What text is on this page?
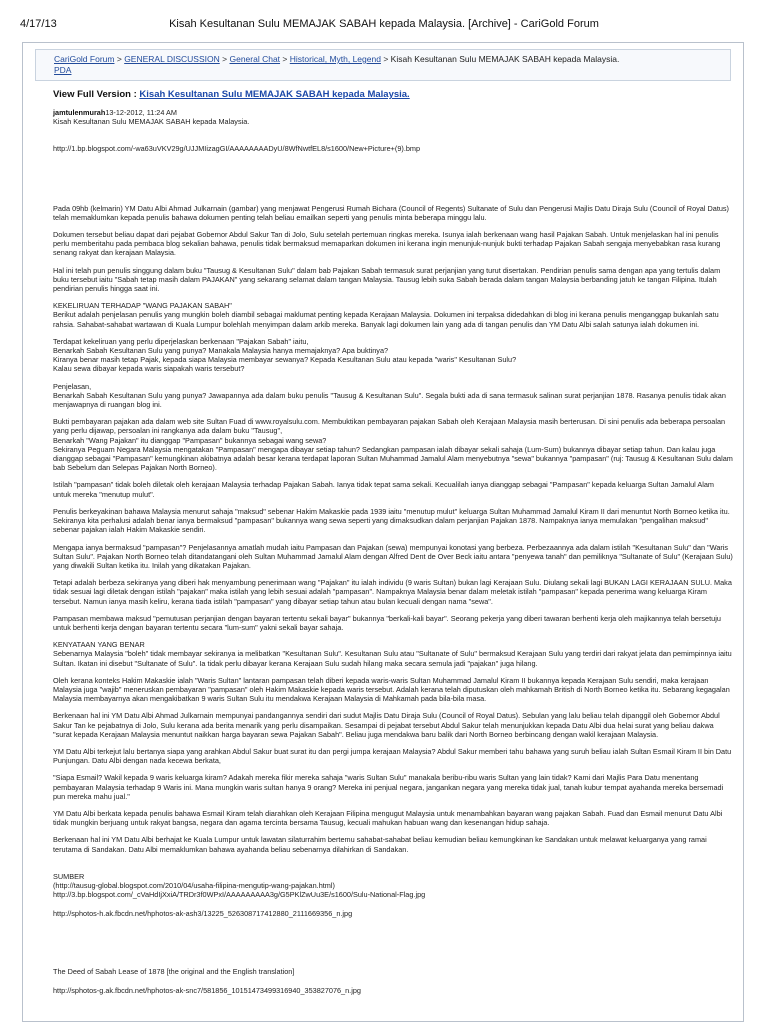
Kisah Kesultanan Sulu MEMAJAK SABAH kepada Malaysia. [Archive] - CariGold Forum
4/17/13
CariGold Forum > GENERAL DISCUSSION > General Chat > Historical, Myth, Legend > Kisah Kesultanan Sulu MEMAJAK SABAH kepada Malaysia.
PDA
View Full Version : Kisah Kesultanan Sulu MEMAJAK SABAH kepada Malaysia.
jamtulenmurah13-12-2012, 11:24 AM
Kisah Kesultanan Sulu MEMAJAK SABAH kepada Malaysia.

http://1.bp.blogspot.com/-wa63uVKV29g/UJJMIizagGI/AAAAAAAADyU/8WfNwtfEL8/s1600/New+Picture+(9).bmp

Pada 09hb (kelmarin) YM Datu Albi Ahmad Julkarnain (gambar) yang menjawat Pengerusi Rumah Bichara (Council of Regents) Sultanate of Sulu dan Pengerusi Majlis Datu Diraja Sulu (Council of Royal Datus) telah memaklumkan kepada penulis bahawa dokumen penting telah beliau emailkan seperti yang penulis minta beberapa minggu lalu.

Dokumen tersebut beliau dapat dari pejabat Gobernor Abdul Sakur Tan di Jolo, Sulu setelah pertemuan ringkas mereka. Isunya ialah berkenaan wang hasil Pajakan Sabah. Untuk menjelaskan hal ini penulis perlu memberitahu pada pembaca blog sekalian bahawa, penulis tidak bermaksud memaparkan dokumen ini kerana ingin menunjuk-nunjuk bukti terhadap Pajakan Sabah sengaja menyebabkan rasa kurang senang rakyat dan kerajaan Malaysia.

Hal ini telah pun penulis singgung dalam buku "Tausug & Kesultanan Sulu" dalam bab Pajakan Sabah termasuk surat perjanjian yang turut disertakan. Pendirian penulis sama dengan apa yang tertulis dalam buku tersebut iaitu "Sabah tetap masih dalam PAJAKAN" yang sekarang selamat dalam tangan Malaysia. Tausug lebih suka Sabah berada dalam tangan Malaysia berbanding jatuh ke tangan Filipina. Itulah pendirian penulis hingga saat ini.

KEKELIRUAN TERHADAP "WANG PAJAKAN SABAH"
Berikut adalah penjelasan penulis yang mungkin boleh diambil sebagai maklumat penting kepada Kerajaan Malaysia. Dokumen ini terpaksa didedahkan di blog ini kerana penulis menganggap bukanlah satu rahsia. Sahabat-sahabat wartawan di Kuala Lumpur bolehlah menyimpan dalam arkib mereka. Banyak lagi dokumen lain yang ada di tangan penulis dan YM Datu Albi salah satunya ialah dokumen ini.

Terdapat kekeliruan yang perlu diperjelaskan berkenaan "Pajakan Sabah" iaitu,
Benarkah Sabah Kesultanan Sulu yang punya? Manakala Malaysia hanya memajaknya? Apa buktinya?
Kiranya benar masih tetap Pajak, kepada siapa Malaysia membayar sewanya? Kepada Kesultanan Sulu atau kepada "waris" Kesultanan Sulu?
Kalau sewa dibayar kepada waris siapakah waris tersebut?

Penjelasan,
Benarkah Sabah Kesultanan Sulu yang punya? Jawapannya ada dalam buku penulis "Tausug & Kesultanan Sulu". Segala bukti ada di sana termasuk salinan surat perjanjian 1878. Rasanya penulis tidak akan menjawapnya di ruangan blog ini.

Bukti pembayaran pajakan ada dalam web site Sultan Fuad di www.royalsulu.com. Membuktikan pembayaran pajakan Sabah oleh Kerajaan Malaysia masih berterusan. Di sini penulis ada beberapa persoalan yang perlu dijawap, persoalan ini rangkanya ada dalam buku "Tausug",
Benarkah "Wang Pajakan" itu dianggap "Pampasan" bukannya sebagai wang sewa?
Sekiranya Peguam Negara Malaysia mengatakan "Pampasan" mengapa dibayar setiap tahun? Sedangkan pampasan ialah dibayar sekali sahaja (Lum-Sum) bukannya dibayar setiap tahun. Dan kalau juga dianggap sebagai "Pampasan" kemungkinan akibatnya adalah besar kerana terdapat laporan Sultan Muhammad Jamalul Alam menyebutnya "sewa" bukannya "pampasan" (ruj: Tausug & Kesultanan Sulu dalam bab Sebelum dan Selepas Pajakan North Borneo).

Istilah "pampasan" tidak boleh diletak oleh kerajaan Malaysia terhadap Pajakan Sabah. Ianya tidak tepat sama sekali. Kecualilah ianya dianggap sebagai "Pampasan" kepada keluarga Sultan Jamalul Alam untuk mereka "menutup mulut".

Penulis berkeyakinan bahawa Malaysia menurut sahaja "maksud" sebenar Hakim Makaskie pada 1939 iaitu "menutup mulut" keluarga Sultan Muhammad Jamalul Kiram II dari menuntut North Borneo ketika itu. Sekiranya kita perhalusi adalah benar ianya bermaksud "pampasan" bukannya wang sewa seperti yang dimaksudkan dalam perjanjian Pajakan 1878. Nampaknya ianya memulakan "pengalihan maksud" sebenar pajakan ialah Hakim Makaskie sendiri.

Mengapa ianya bermaksud "pampasan"? Penjelasannya amatlah mudah iaitu Pampasan dan Pajakan (sewa) mempunyai konotasi yang berbeza. Perbezaannya ada dalam istilah "Kesultanan Sulu" dan "Waris Sultan Sulu". Pajakan North Borneo telah ditandatangani oleh Sultan Muhammad Jamalul Alam dengan Alfred Dent de Over Beck iaitu antara "penyewa tanah" dan pemiliknya "Sultanate of Sulu" (Kerajaan Sulu) yang diwakili Sultan ketika itu. Inilah yang dikatakan Pajakan.

Tetapi adalah berbeza sekiranya yang diberi hak menyambung penerimaan wang "Pajakan" itu ialah individu (9 waris Sultan) bukan lagi Kerajaan Sulu. Diulang sekali lagi BUKAN LAGI KERAJAAN SULU. Maka tidak sesuai lagi diletak dengan istilah "pajakan" maka istilah yang lebih sesuai adalah "pampasan". Nampaknya Malaysia benar dalam meletak istilah "pampasan" kepada penerima wang keluarga Kiram tersebut. Namun ianya masih keliru, kerana tiada istilah "pampasan" yang dibayar setiap tahun atau bulan kecuali dengan nama "sewa".

Pampasan membawa maksud "pemutusan perjanjian dengan bayaran tertentu sekali bayar" bukannya "berkali-kali bayar". Seorang pekerja yang diberi tawaran berhenti kerja oleh majikannya telah bersetuju untuk berhenti kerja dengan bayaran tertentu secara "lum-sum" yakni sekali bayar sahaja.

KENYATAAN YANG BENAR
Sebenarnya Malaysia "boleh" tidak membayar sekiranya ia melibatkan "Kesultanan Sulu". Kesultanan Sulu atau "Sultanate of Sulu" bermaksud Kerajaan Sulu yang terdiri dari rakyat jelata dan pemimpinnya iaitu Sultan. Ikatan ini disebut "Sultanate of Sulu". Ia tidak perlu dibayar kerana Kerajaan Sulu sudah hilang maka secara semula jadi "pajakan" juga hilang.

Oleh kerana konteks Hakim Makaskie ialah "Waris Sultan" lantaran pampasan telah diberi kepada waris-waris Sultan Muhammad Jamalul Kiram II bukannya kepada Kerajaan Sulu sendiri, maka kerajaan Malaysia juga "wajib" meneruskan pembayaran "pampasan" oleh Hakim Makaskie kepada waris tersebut. Adalah kerana telah diputuskan oleh mahkamah British di North Borneo ketika itu. Sebarang kegagalan Malaysia membayarnya akan mengakibatkan 9 waris Sultan Sulu itu mendakwa Kerajaan Malaysia di Mahkamah pada bila-bila masa.

Berkenaan hal ini YM Datu Albi Ahmad Julkarnain mempunyai pandangannya sendiri dari sudut Majlis Datu Diraja Sulu (Council of Royal Datus). Sebulan yang lalu beliau telah dipanggil oleh Gobernor Abdul Sakur Tan ke pejabatnya di Jolo, Sulu kerana ada berita menarik yang perlu disampaikan. Sesampai di pejabat tersebut Abdul Sakur telah menunjukkan kepada Datu Albi dua helai surat yang beliau dakwa "surat kepada Kerajaan Malaysia menuntut naikkan harga bayaran sewa Pajakan Sabah". Beliau juga mendakwa baru balik dari North Borneo berbincang dengan wakil kerajaan Malaysia.

YM Datu Albi terkejut lalu bertanya siapa yang arahkan Abdul Sakur buat surat itu dan pergi jumpa kerajaan Malaysia? Abdul Sakur memberi tahu bahawa yang suruh beliau ialah Sultan Esmail Kiram II bin Datu Punjungan. Datu Albi dengan nada kecewa berkata,

"Siapa Esmail? Wakil kepada 9 waris keluarga kiram? Adakah mereka fikir mereka sahaja "waris Sultan Sulu" manakala beribu-ribu waris Sultan yang lain tidak? Kami dari Majlis Para Datu menentang pembayaran Malaysia terhadap 9 Waris ini. Mana mungkin waris sultan hanya 9 orang? Mereka ini penjual negara, jangankan negara yang mereka tidak jual, tanah kubur tempat ayahanda mereka bersemadi pun mereka mahu jual."

YM Datu Albi berkata kepada penulis bahawa Esmail Kiram telah diarahkan oleh Kerajaan Filipina mengugut Malaysia untuk menambahkan bayaran wang pajakan Sabah. Fuad dan Esmail menurut Datu Albi tidak mungkin berjuang untuk rakyat bangsa, negara dan agama tercinta bersama Tausug, kecuali mahukan habuan wang dan kesenangan hidup sahaja.

Berkenaan hal ini YM Datu Albi berhajat ke Kuala Lumpur untuk lawatan silaturrahim bertemu sahabat-sahabat beliau kemudian beliau kemungkinan ke Sandakan untuk melawat keluarganya yang ramai terutama di Sandakan. Datu Albi memaklumkan bahawa ayahanda beliau sebenarnya dilahirkan di Sandakan.

SUMBER
(http://tausug-global.blogspot.com/2010/04/usaha-filipina-mengutip-wang-pajakan.html)
http://3.bp.blogspot.com/_cVaHdIjXxiA/TRDr3f0WPxI/AAAAAAAAA3g/G5PKlZwUu3E/s1600/Sulu-National-Flag.jpg
http://sphotos-h.ak.fbcdn.net/hphotos-ak-ash3/13225_526308717412880_2111669356_n.jpg
The Deed of Sabah Lease of 1878 [the original and the English translation]
http://sphotos-g.ak.fbcdn.net/hphotos-ak-snc7/581856_10151473499316940_353827076_n.jpg
